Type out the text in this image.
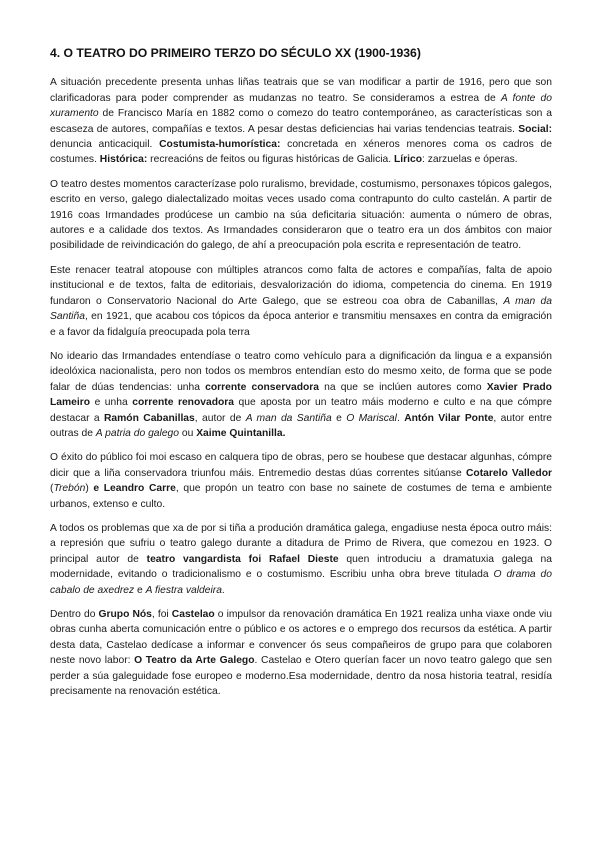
4. O TEATRO DO PRIMEIRO TERZO DO SÉCULO XX (1900-1936)

A situación precedente presenta unhas liñas teatrais que se van modificar a partir de 1916, pero que son clarificadoras para poder comprender as mudanzas no teatro. Se consideramos a estrea de A fonte do xuramento de Francisco María en 1882 como o comezo do teatro contemporáneo, as características son a escaseza de autores, compañías e textos. A pesar destas deficiencias hai varias tendencias teatrais. Social: denuncia anticaciquil. Costumista-humorística: concretada en xéneros menores coma os cadros de costumes. Histórica: recreacións de feitos ou figuras históricas de Galicia. Lírico: zarzuelas e óperas.

O teatro destes momentos caracterízase polo ruralismo, brevidade, costumismo, personaxes tópicos galegos, escrito en verso, galego dialectalizado moitas veces usado coma contrapunto do culto castelán. A partir de 1916 coas Irmandades prodúcese un cambio na súa deficitaria situación: aumenta o número de obras, autores e a calidade dos textos. As Irmandades consideraron que o teatro era un dos ámbitos con maior posibilidade de reivindicación do galego, de ahí a preocupación pola escrita e representación de teatro.

Este renacer teatral atopouse con múltiples atrancos como falta de actores e compañías, falta de apoio institucional e de textos, falta de editoriais, desvalorización do idioma, competencia do cinema. En 1919 fundaron o Conservatorio Nacional do Arte Galego, que se estreou coa obra de Cabanillas, A man da Santiña, en 1921, que acabou cos tópicos da época anterior e transmitiu mensaxes en contra da emigración e a favor da fidalguía preocupada pola terra

No ideario das Irmandades entendíase o teatro como vehículo para a dignificación da lingua e a expansión ideolóxica nacionalista, pero non todos os membros entendían esto do mesmo xeito, de forma que se pode falar de dúas tendencias: unha corrente conservadora na que se inclúen autores como Xavier Prado Lameiro e unha corrente renovadora que aposta por un teatro máis moderno e culto e na que cómpre destacar a Ramón Cabanillas, autor de A man da Santiña e O Mariscal. Antón Vilar Ponte, autor entre outras de A patria do galego ou Xaime Quintanilla.

O éxito do público foi moi escaso en calquera tipo de obras, pero se houbese que destacar algunhas, cómpre dicir que a liña conservadora triunfou máis. Entremedio destas dúas correntes sitúanse Cotarelo Valledor (Trebón) e Leandro Carre, que propón un teatro con base no sainete de costumes de tema e ambiente urbanos, extenso e culto.

A todos os problemas que xa de por si tiña a produción dramática galega, engadiuse nesta época outro máis: a represión que sufriu o teatro galego durante a ditadura de Primo de Rivera, que comezou en 1923. O principal autor de teatro vangardista foi Rafael Dieste quen introduciu a dramatuxia galega na modernidade, evitando o tradicionalismo e o costumismo. Escribiu unha obra breve titulada O drama do cabalo de axedrez e A fiestra valdeira.

Dentro do Grupo Nós, foi Castelao o impulsor da renovación dramática En 1921 realiza unha viaxe onde viu obras cunha aberta comunicación entre o público e os actores e o emprego dos recursos da estética. A partir desta data, Castelao dedícase a informar e convencer ós seus compañeiros de grupo para que colaboren neste novo labor: O Teatro da Arte Galego. Castelao e Otero querían facer un novo teatro galego que sen perder a súa galeguidade fose europeo e moderno.Esa modernidade, dentro da nosa historia teatral, residía precisamente na renovación estética.
